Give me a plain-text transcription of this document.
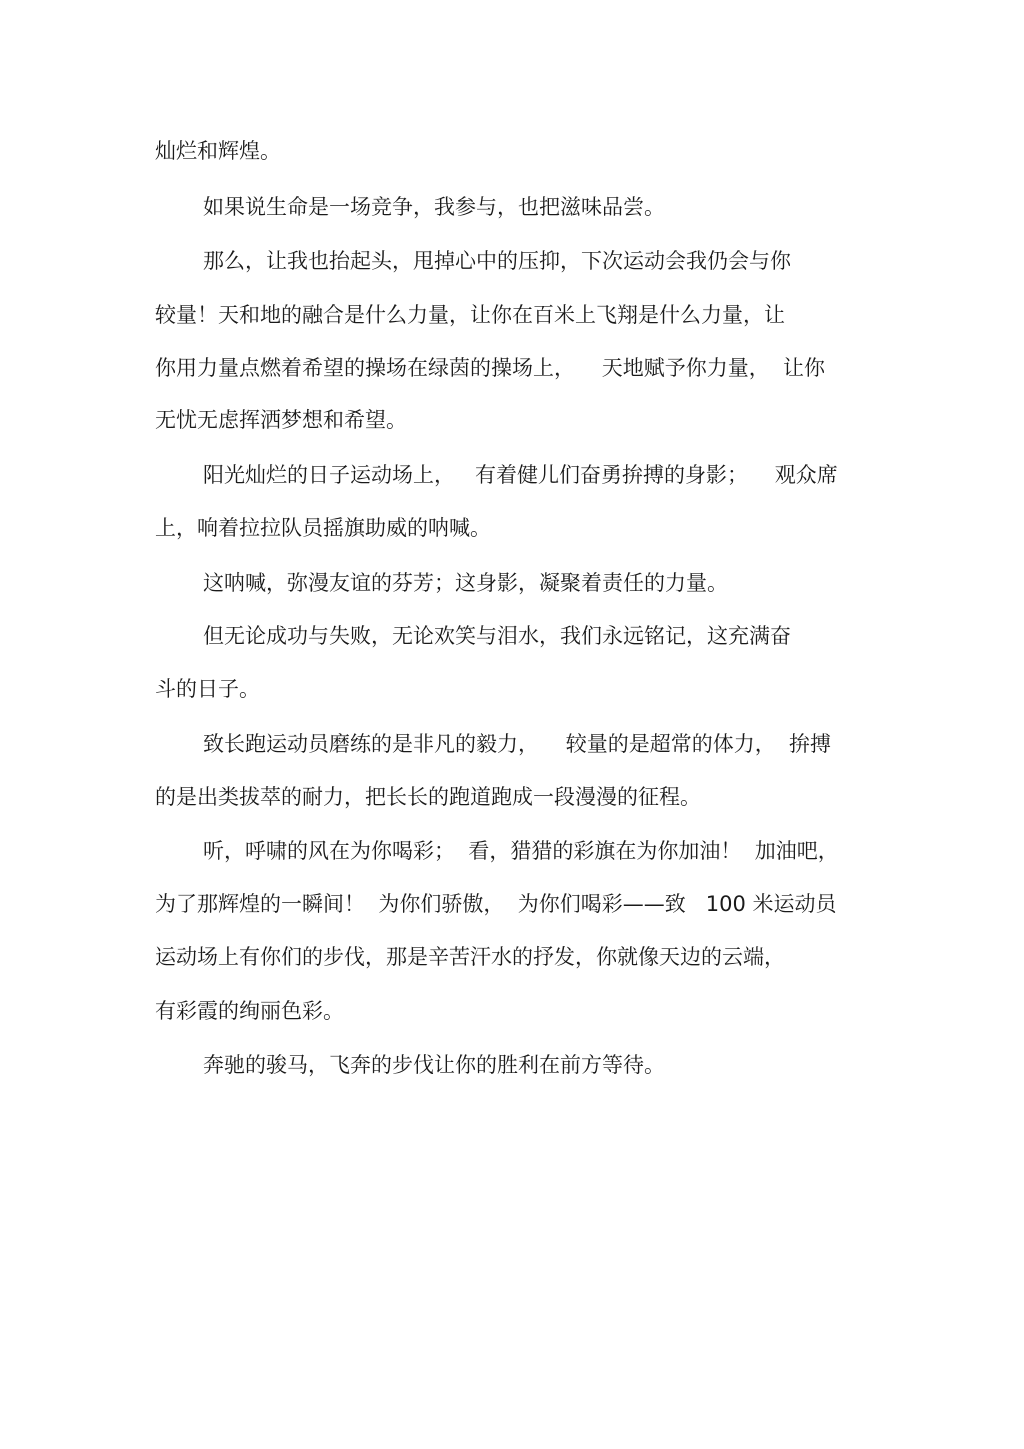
灿烂和辉煌。
如果说生命是一场竞争，我参与，也把滋味品尝。
那么，让我也抬起头，甩掉心中的压抑，下次运动会我仍会与你
较量！天和地的融合是什么力量，让你在百米上飞翔是什么力量，让
你用力量点燃着希望的操场在绿茵的操场上，    天地赋予你力量，  让你
无忧无虑挥洒梦想和希望。
阳光灿烂的日子运动场上，   有着健儿们奋勇拚搏的身影；    观众席
上，响着拉拉队员摇旗助威的呐喊。
这呐喊，弥漫友谊的芬芳；这身影，凝聚着责任的力量。
但无论成功与失败，无论欢笑与泪水，我们永远铭记，这充满奋
斗的日子。
致长跑运动员磨练的是非凡的毅力，    较量的是超常的体力，  拚搏
的是出类拔萃的耐力，把长长的跑道跑成一段漫漫的征程。
听，呼啸的风在为你喝彩；  看，猎猎的彩旗在为你加油！  加油吧，
为了那辉煌的一瞬间！  为你们骄傲，  为你们喝彩——致   100 米运动员
运动场上有你们的步伐，那是辛苦汗水的抒发，你就像天边的云端，
有彩霞的绚丽色彩。
奔驰的骏马，飞奔的步伐让你的胜利在前方等待。
